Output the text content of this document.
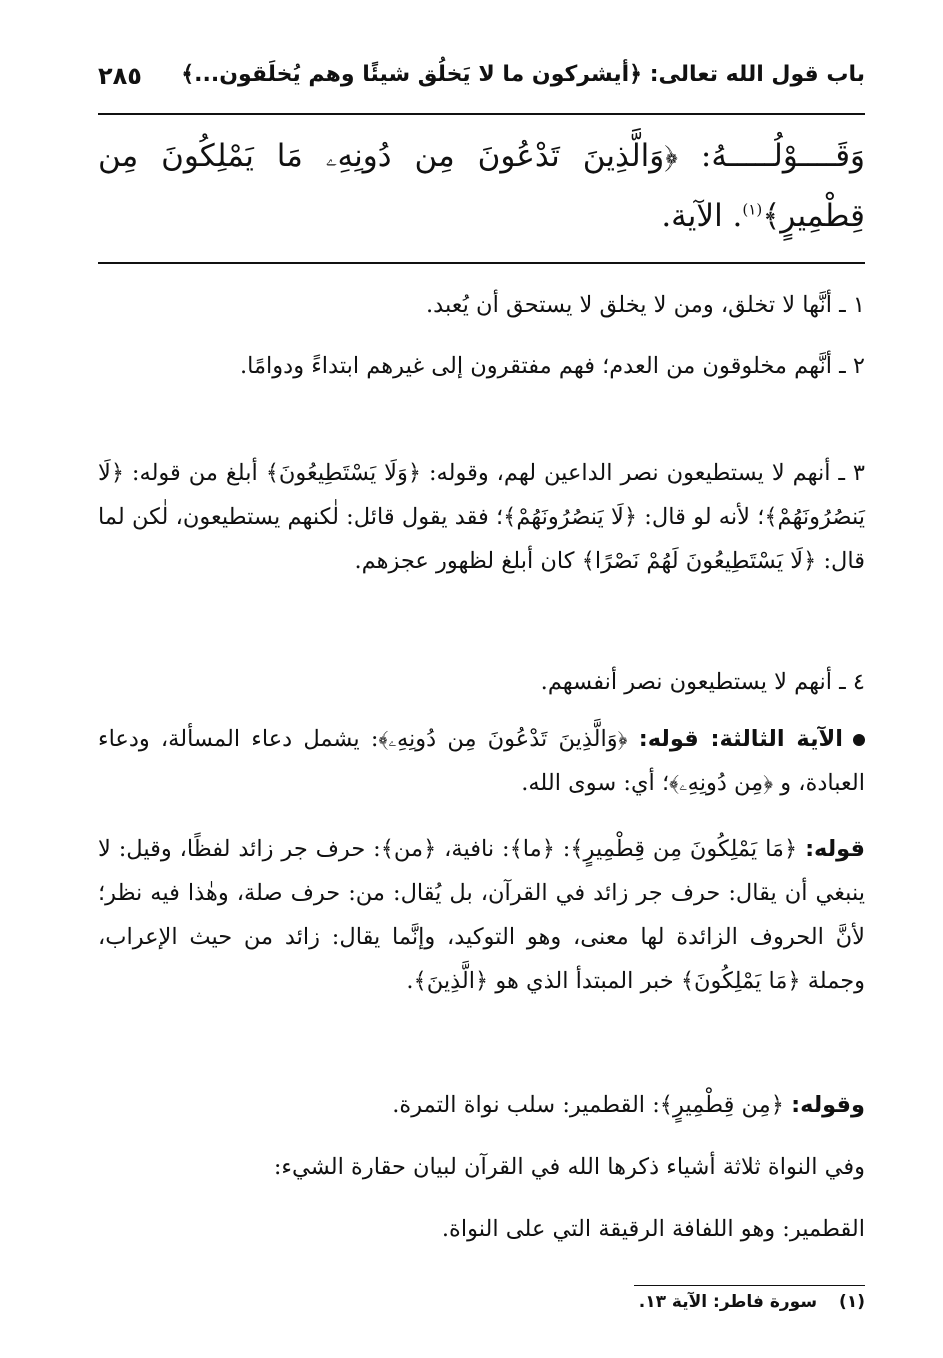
باب قول الله تعالى: ﴿أيشركون ما لا يَخلُق شيئًا وهم يُخلَقون...﴾
٢٨٥
وَقَــــوْلُـــــهُ: ﴿وَالَّذِينَ تَدْعُونَ مِن دُونِهِۦ مَا يَمْلِكُونَ مِن
قِطْمِيرٍ﴾$^{(١)}$. الآية.

١ ـ أنَّها لا تخلق، ومن لا يخلق لا يستحق أن يُعبد.

٢ ـ أنَّهم مخلوقون من العدم؛ فهم مفتقرون إلى غيرهم ابتداءً ودوامًا.

٣ ـ أنهم لا يستطيعون نصر الداعين لهم، وقوله: ﴿وَلَا يَسْتَطِيعُونَ﴾ أبلغ من قوله: ﴿لَا يَنصُرُونَهُمْ﴾؛ لأنه لو قال: ﴿لَا يَنصُرُونَهُمْ﴾؛ فقد يقول قائل: لٰكنهم يستطيعون، لٰكن لما قال: ﴿لَا يَسْتَطِيعُونَ لَهُمْ نَصْرًا﴾ كان أبلغ لظهور عجزهم.

٤ ـ أنهم لا يستطيعون نصر أنفسهم.

الآية الثالثة: قوله: ﴿وَالَّذِينَ تَدْعُونَ مِن دُونِهِۦ﴾: يشمل دعاء المسألة، ودعاء العبادة، و ﴿مِن دُونِهِۦ﴾؛ أي: سوى الله.

قوله: ﴿مَا يَمْلِكُونَ مِن قِطْمِيرٍ﴾: ﴿ما﴾: نافية، ﴿من﴾: حرف جر زائد لفظًا، وقيل: لا ينبغي أن يقال: حرف جر زائد في القرآن، بل يُقال: من: حرف صلة، وهٰذا فيه نظر؛ لأنَّ الحروف الزائدة لها معنى، وهو التوكيد، وإنَّما يقال: زائد من حيث الإعراب، وجملة ﴿مَا يَمْلِكُونَ﴾ خبر المبتدأ الذي هو ﴿الَّذِينَ﴾.

وقوله: ﴿مِن قِطْمِيرٍ﴾: القطمير: سلب نواة التمرة.

وفي النواة ثلاثة أشياء ذكرها الله في القرآن لبيان حقارة الشيء:

القطمير: وهو اللفافة الرقيقة التي على النواة.

(١)سورة فاطر: الآية ١٣.
